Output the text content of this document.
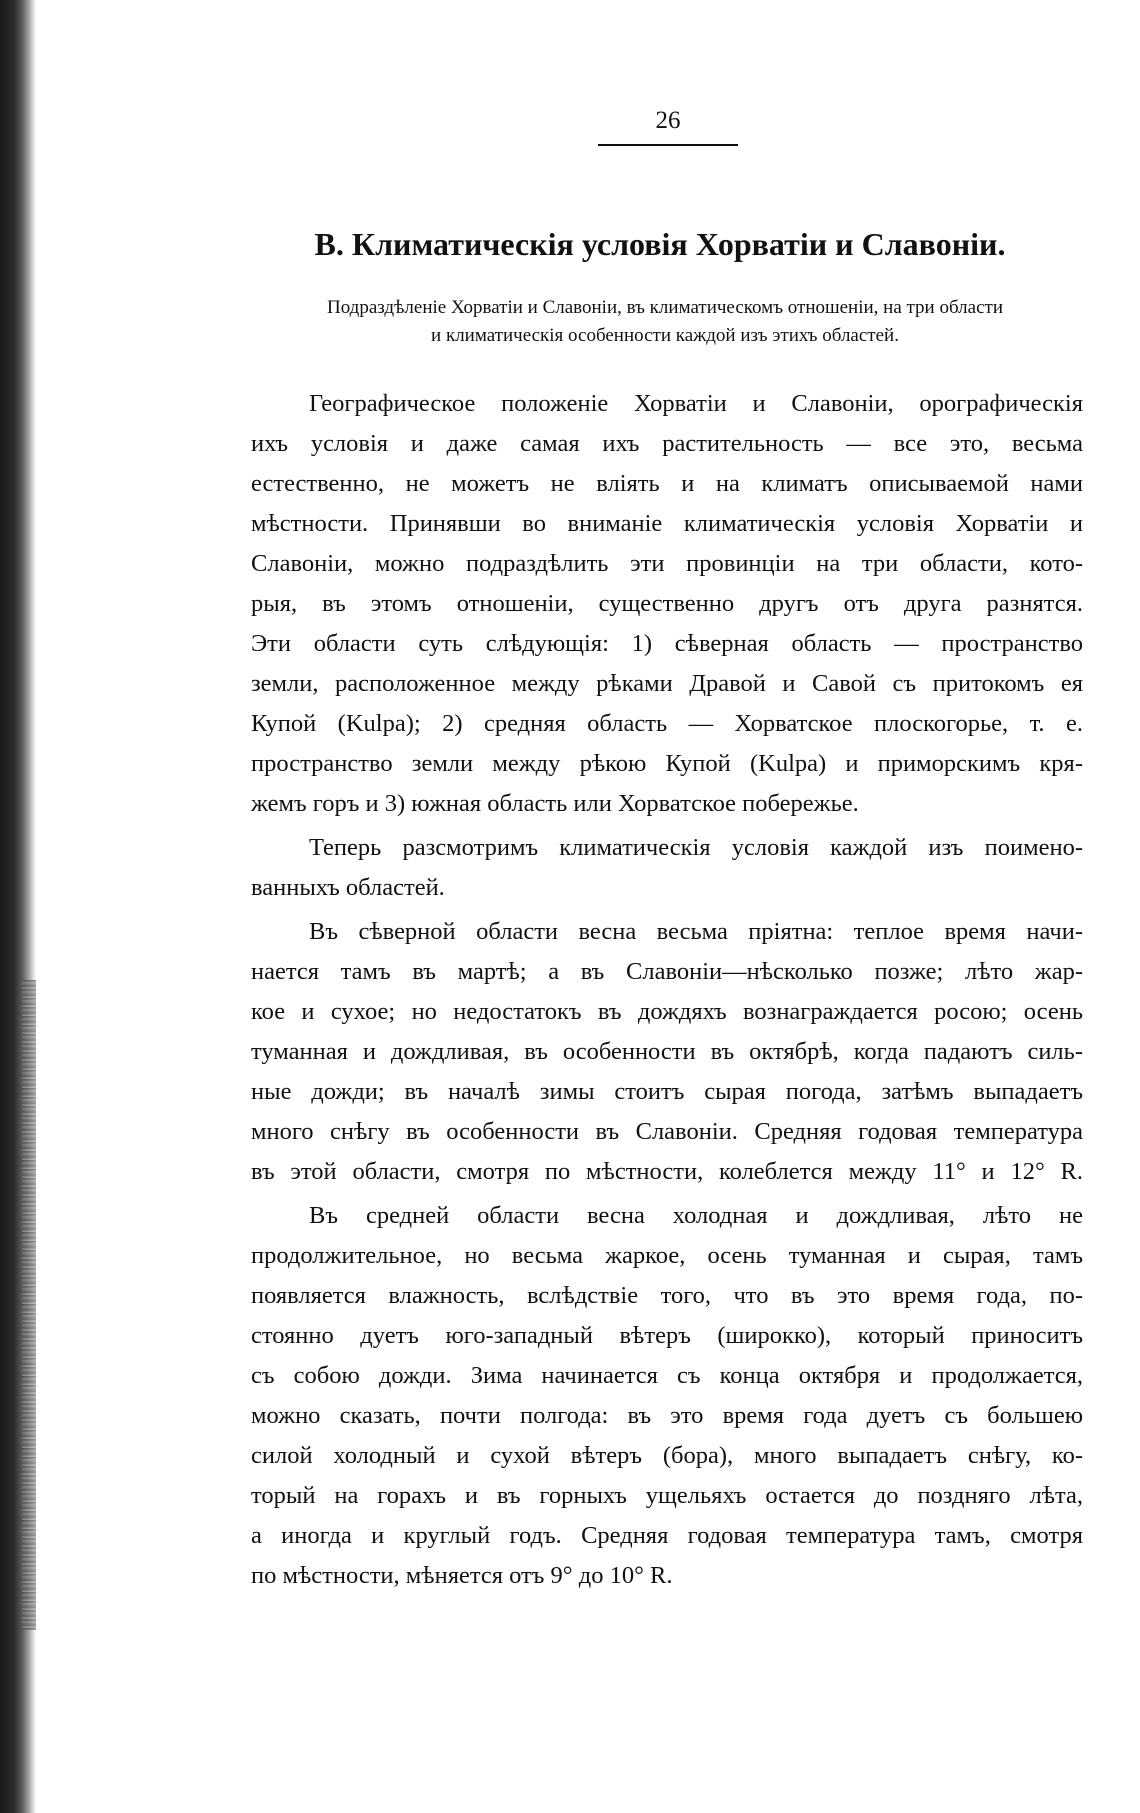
26
В. Климатическія условія Хорватіи и Славоніи.
Подраздѣленіе Хорватіи и Славоніи, въ климатическомъ отношеніи, на три области
и климатическія особенности каждой изъ этихъ областей.
Географическое положеніе Хорватіи и Славоніи, орографическія
ихъ условія и даже самая ихъ растительность — все это, весьма
естественно, не можетъ не вліять и на климатъ описываемой нами
мѣстности. Принявши во вниманіе климатическія условія Хорватіи и
Славоніи, можно подраздѣлить эти провинціи на три области, кото-
рыя, въ этомъ отношеніи, существенно другъ отъ друга разнятся.
Эти области суть слѣдующія: 1) сѣверная область — пространство
земли, расположенное между рѣками Дравой и Савой съ притокомъ ея
Купой (Kulpa); 2) средняя область — Хорватское плоскогорье, т. е.
пространство земли между рѣкою Купой (Kulpa) и приморскимъ кря-
жемъ горъ и 3) южная область или Хорватское побережье.
Теперь разсмотримъ климатическія условія каждой изъ поимено-
ванныхъ областей.
Въ сѣверной области весна весьма пріятна: теплое время начи-
нается тамъ въ мартѣ; а въ Славоніи—нѣсколько позже; лѣто жар-
кое и сухое; но недостатокъ въ дождяхъ вознаграждается росою; осень
туманная и дождливая, въ особенности въ октябрѣ, когда падаютъ силь-
ные дожди; въ началѣ зимы стоитъ сырая погода, затѣмъ выпадаетъ
много снѣгу въ особенности въ Славоніи. Средняя годовая температура
въ этой области, смотря по мѣстности, колеблется между 11° и 12° R.
Въ средней области весна холодная и дождливая, лѣто не
продолжительное, но весьма жаркое, осень туманная и сырая, тамъ
появляется влажность, вслѣдствіе того, что въ это время года, по-
стоянно дуетъ юго-западный вѣтеръ (широкко), который приноситъ
съ собою дожди. Зима начинается съ конца октября и продолжается,
можно сказать, почти полгода: въ это время года дуетъ съ большею
силой холодный и сухой вѣтеръ (бора), много выпадаетъ снѣгу, ко-
торый на горахъ и въ горныхъ ущельяхъ остается до поздняго лѣта,
а иногда и круглый годъ. Средняя годовая температура тамъ, смотря
по мѣстности, мѣняется отъ 9° до 10° R.
